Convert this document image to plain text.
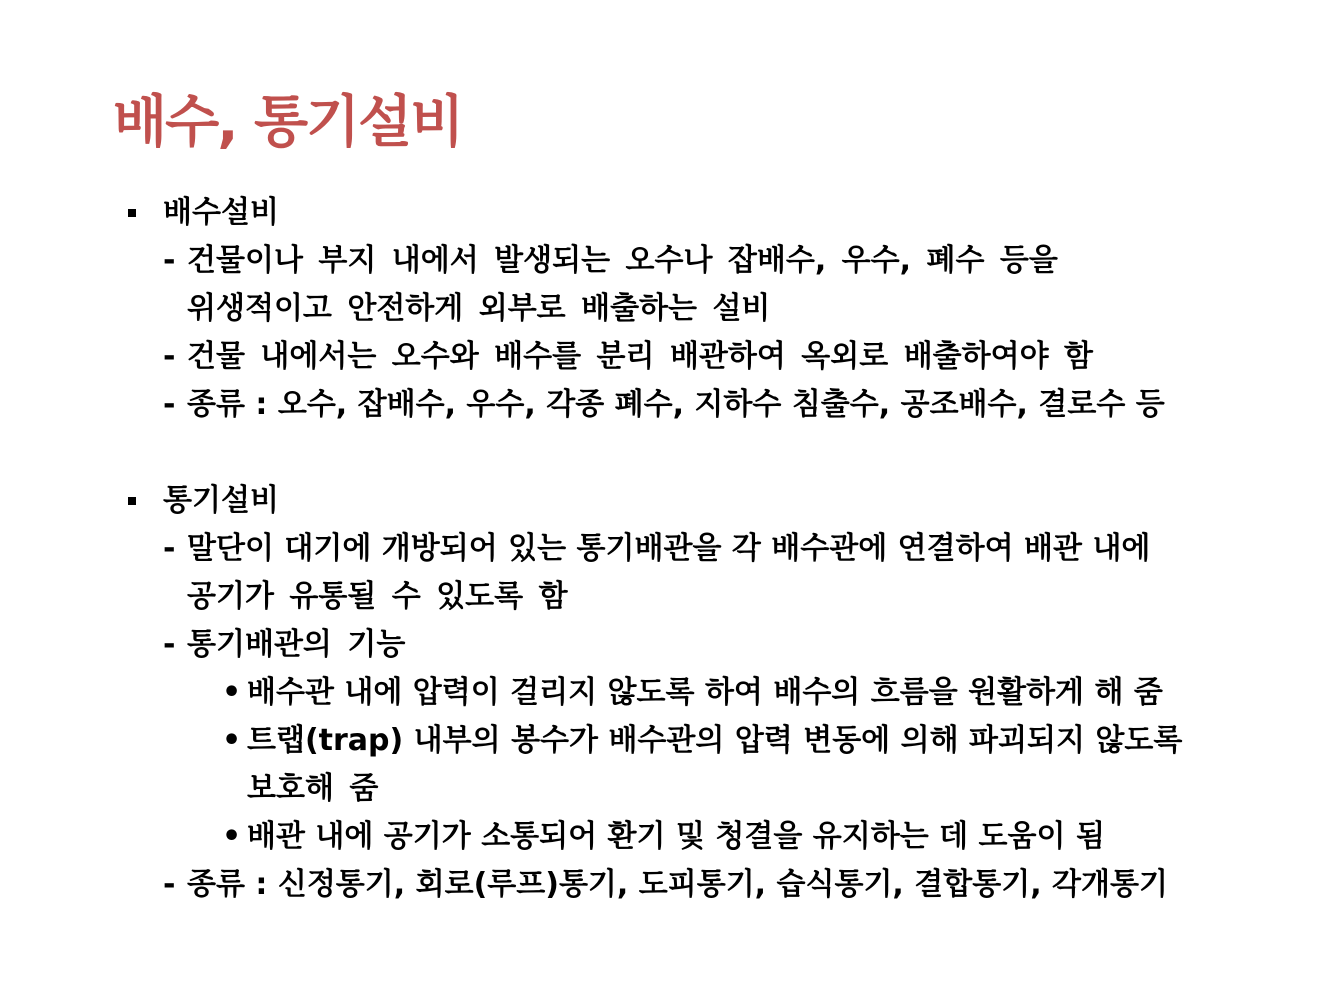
배수, 통기설비
배수설비
- 건물이나 부지 내에서 발생되는 오수나 잡배수, 우수, 폐수 등을
위생적이고 안전하게 외부로 배출하는 설비
- 건물 내에서는 오수와 배수를 분리 배관하여 옥외로 배출하여야 함
- 종류 : 오수, 잡배수, 우수, 각종 폐수, 지하수 침출수, 공조배수, 결로수 등
통기설비
- 말단이 대기에 개방되어 있는 통기배관을 각 배수관에 연결하여 배관 내에
공기가 유통될 수 있도록 함
- 통기배관의 기능
• 배수관 내에 압력이 걸리지 않도록 하여 배수의 흐름을 원활하게 해 줌
• 트랩(trap) 내부의 봉수가 배수관의 압력 변동에 의해 파괴되지 않도록
보호해 줌
• 배관 내에 공기가 소통되어 환기 및 청결을 유지하는 데 도움이 됨
- 종류 : 신정통기, 회로(루프)통기, 도피통기, 습식통기, 결합통기, 각개통기
